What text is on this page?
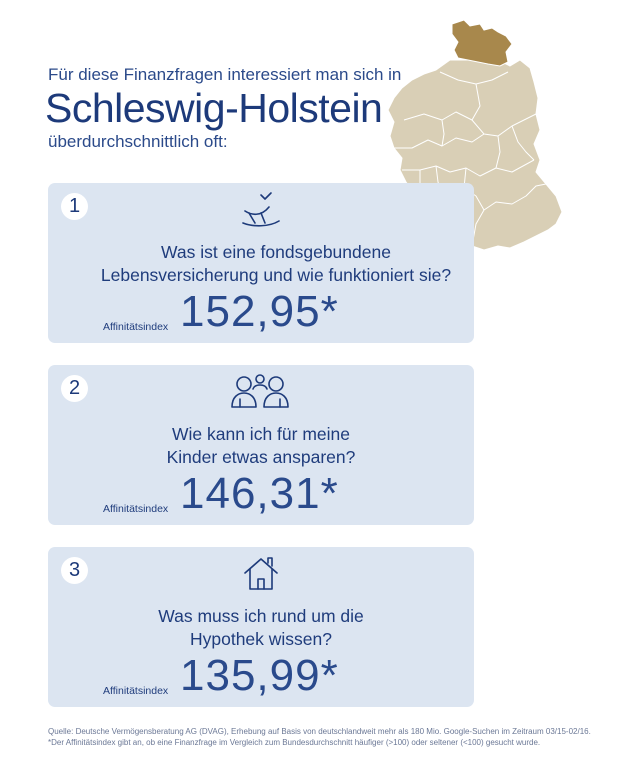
Für diese Finanzfragen interessiert man sich in
Schleswig-Holstein
überdurchschnittlich oft:
1
Was ist eine fondsgebundene
Lebensversicherung und wie funktioniert sie?
Affinitätsindex 152,95*
2
Wie kann ich für meine
Kinder etwas ansparen?
Affinitätsindex 146,31*
3
Was muss ich rund um die
Hypothek wissen?
Affinitätsindex 135,99*
Quelle: Deutsche Vermögensberatung AG (DVAG), Erhebung auf Basis von deutschlandweit mehr als 180 Mio. Google-Suchen im Zeitraum 03/15-02/16.
*Der Affinitätsindex gibt an, ob eine Finanzfrage im Vergleich zum Bundesdurchschnitt häufiger (>100) oder seltener (<100) gesucht wurde.
